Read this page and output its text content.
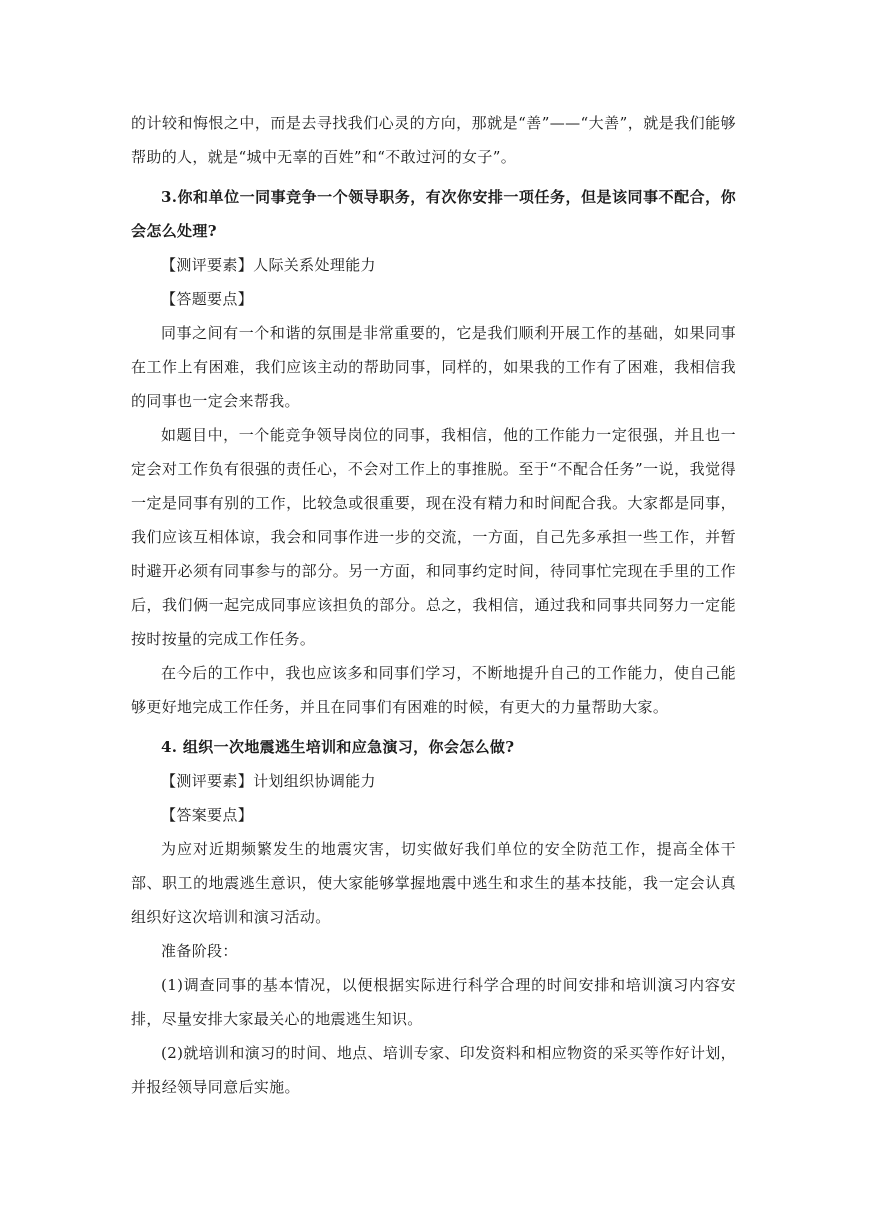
的计较和悔恨之中，而是去寻找我们心灵的方向，那就是“善”——“大善”，就是我们能够帮助的人，就是“城中无辜的百姓”和“不敢过河的女子”。

3.你和单位一同事竞争一个领导职务，有次你安排一项任务，但是该同事不配合，你会怎么处理?

【测评要素】人际关系处理能力

【答题要点】

同事之间有一个和谐的氛围是非常重要的，它是我们顺利开展工作的基础，如果同事在工作上有困难，我们应该主动的帮助同事，同样的，如果我的工作有了困难，我相信我的同事也一定会来帮我。

如题目中，一个能竞争领导岗位的同事，我相信，他的工作能力一定很强，并且也一定会对工作负有很强的责任心，不会对工作上的事推脱。至于“不配合任务”一说，我觉得一定是同事有别的工作，比较急或很重要，现在没有精力和时间配合我。大家都是同事，我们应该互相体谅，我会和同事作进一步的交流，一方面，自己先多承担一些工作，并暂时避开必须有同事参与的部分。另一方面，和同事约定时间，待同事忙完现在手里的工作后，我们俩一起完成同事应该担负的部分。总之，我相信，通过我和同事共同努力一定能按时按量的完成工作任务。

在今后的工作中，我也应该多和同事们学习，不断地提升自己的工作能力，使自己能够更好地完成工作任务，并且在同事们有困难的时候，有更大的力量帮助大家。

4. 组织一次地震逃生培训和应急演习，你会怎么做?

【测评要素】计划组织协调能力

【答案要点】

为应对近期频繁发生的地震灾害，切实做好我们单位的安全防范工作，提高全体干部、职工的地震逃生意识，使大家能够掌握地震中逃生和求生的基本技能，我一定会认真组织好这次培训和演习活动。

准备阶段：

(1)调查同事的基本情况，以便根据实际进行科学合理的时间安排和培训演习内容安排，尽量安排大家最关心的地震逃生知识。

(2)就培训和演习的时间、地点、培训专家、印发资料和相应物资的采买等作好计划，并报经领导同意后实施。
